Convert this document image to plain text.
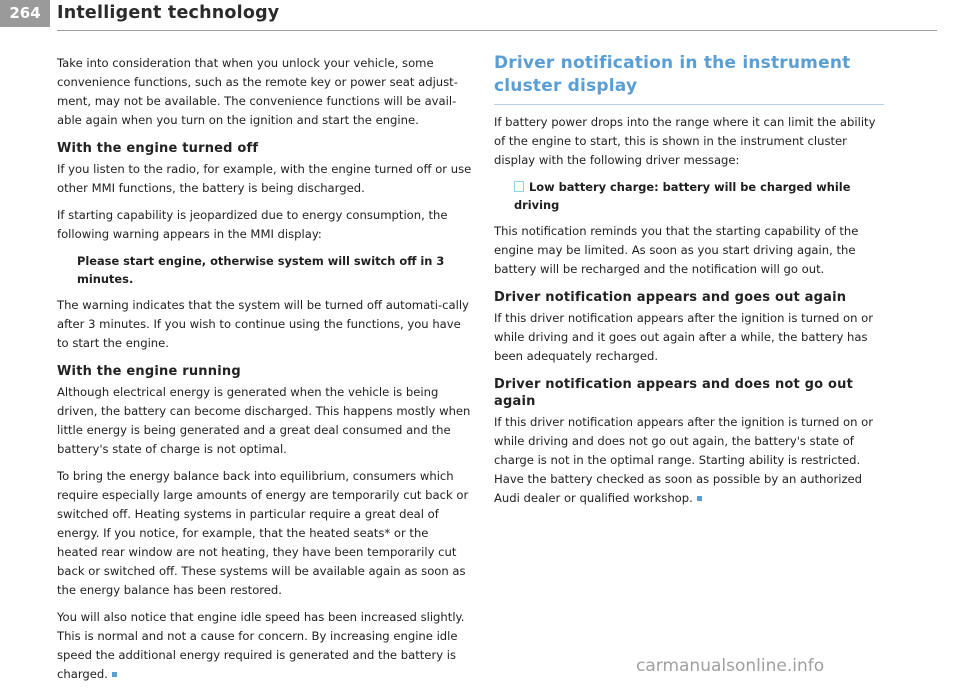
264 Intelligent technology

Take into consideration that when you unlock your vehicle, some convenience functions, such as the remote key or power seat adjust-ment, may not be available. The convenience functions will be avail-able again when you turn on the ignition and start the engine.

With the engine turned off

If you listen to the radio, for example, with the engine turned off or use other MMI functions, the battery is being discharged.

If starting capability is jeopardized due to energy consumption, the following warning appears in the MMI display:

Please start engine, otherwise system will switch off in 3 minutes.

The warning indicates that the system will be turned off automati-cally after 3 minutes. If you wish to continue using the functions, you have to start the engine.

With the engine running

Although electrical energy is generated when the vehicle is being driven, the battery can become discharged. This happens mostly when little energy is being generated and a great deal consumed and the battery's state of charge is not optimal.

To bring the energy balance back into equilibrium, consumers which require especially large amounts of energy are temporarily cut back or switched off. Heating systems in particular require a great deal of energy. If you notice, for example, that the heated seats* or the heated rear window are not heating, they have been temporarily cut back or switched off. These systems will be available again as soon as the energy balance has been restored.

You will also notice that engine idle speed has been increased slightly. This is normal and not a cause for concern. By increasing engine idle speed the additional energy required is generated and the battery is charged.

Driver notification in the instrument cluster display

If battery power drops into the range where it can limit the ability of the engine to start, this is shown in the instrument cluster display with the following driver message:

Low battery charge: battery will be charged while driving

This notification reminds you that the starting capability of the engine may be limited. As soon as you start driving again, the battery will be recharged and the notification will go out.

Driver notification appears and goes out again

If this driver notification appears after the ignition is turned on or while driving and it goes out again after a while, the battery has been adequately recharged.

Driver notification appears and does not go out again

If this driver notification appears after the ignition is turned on or while driving and does not go out again, the battery's state of charge is not in the optimal range. Starting ability is restricted. Have the battery checked as soon as possible by an authorized Audi dealer or qualified workshop.

carmanualsonline.info
